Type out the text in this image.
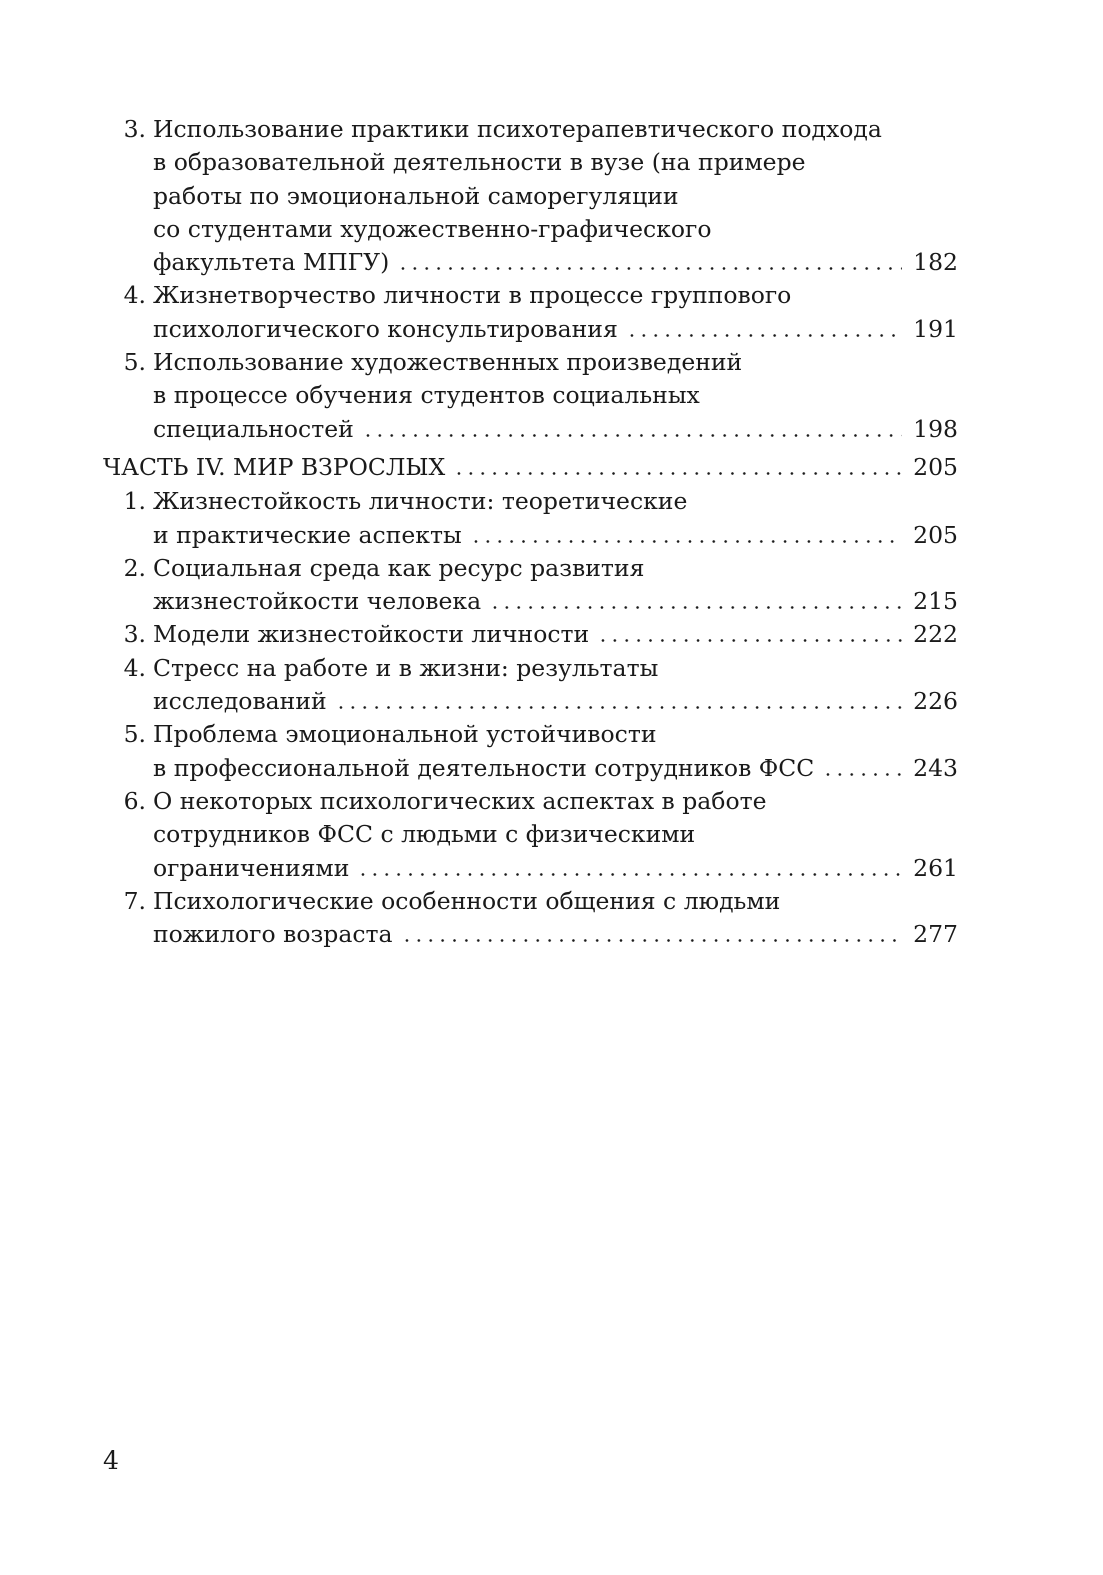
3. Использование практики психотерапевтического подхода
в образовательной деятельности в вузе (на примере
работы по эмоциональной саморегуляции
со студентами художественно-графического
факультета МПГУ)	182
4. Жизнетворчество личности в процессе группового
психологического консультирования	191
5. Использование художественных произведений
в процессе обучения студентов социальных
специальностей	198
ЧАСТЬ IV. МИР ВЗРОСЛЫХ	205
1. Жизнестойкость личности: теоретические
и практические аспекты	205
2. Социальная среда как ресурс развития
жизнестойкости человека	215
3. Модели жизнестойкости личности	222
4. Стресс на работе и в жизни: результаты
исследований	226
5. Проблема эмоциональной устойчивости
в профессиональной деятельности сотрудников ФСС	243
6. О некоторых психологических аспектах в работе
сотрудников ФСС с людьми с физическими
ограничениями	261
7. Психологические особенности общения с людьми
пожилого возраста	277
4
